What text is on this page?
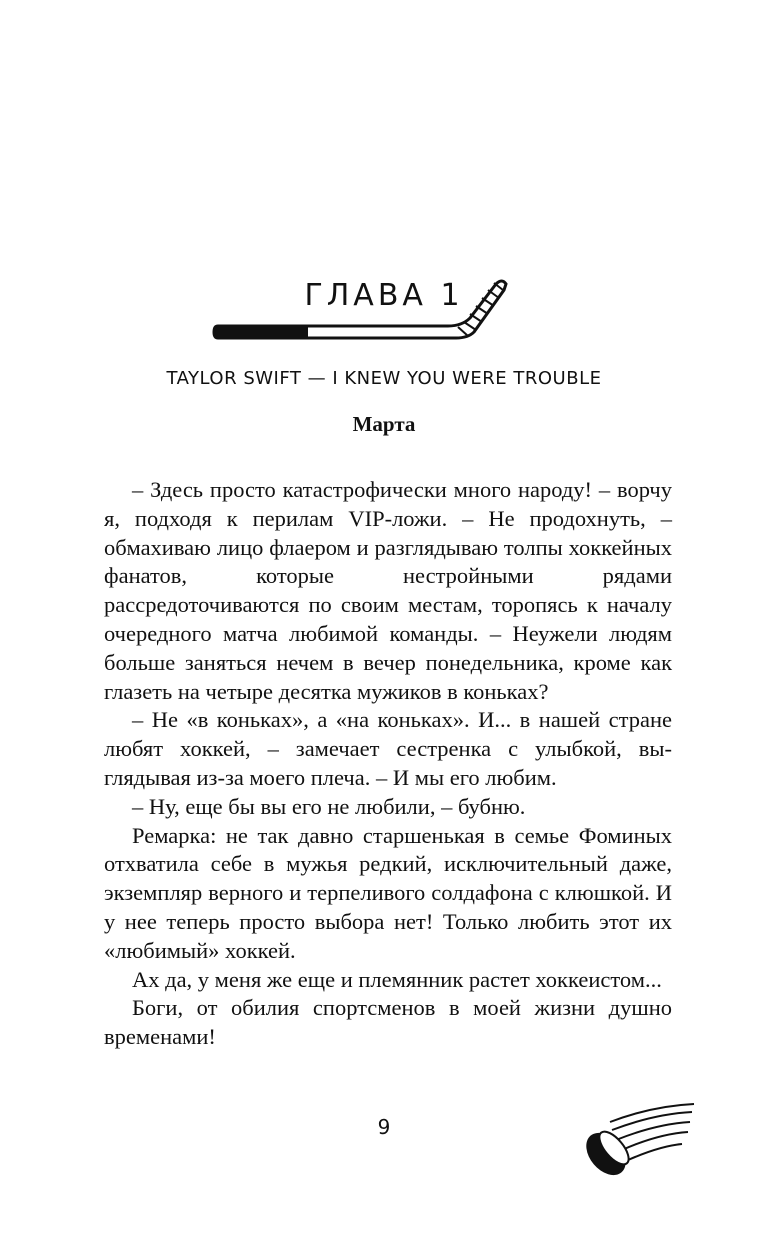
ГЛАВА 1
TAYLOR SWIFT — I KNEW YOU WERE TROUBLE
Марта

– Здесь просто катастрофически много народу! – ворчу я, подходя к перилам VIP-ложи. – Не продохнуть, – обмахиваю лицо флаером и разглядываю толпы хоккейных фанатов, которые нестройными рядами рассредоточиваются по своим местам, торопясь к началу очередного матча любимой команды. – Неужели людям больше заняться нечем в вечер понедельника, кроме как глазеть на четыре десятка мужиков в коньках?

– Не «в коньках», а «на коньках». И... в нашей стране любят хоккей, – замечает сестренка с улыбкой, выглядывая из-за моего плеча. – И мы его любим.

– Ну, еще бы вы его не любили, – бубню.

Ремарка: не так давно старшенькая в семье Фоминых отхватила себе в мужья редкий, исключительный даже, экземпляр верного и терпеливого солдафона с клюшкой. И у нее теперь просто выбора нет! Только любить этот их «любимый» хоккей.

Ах да, у меня же еще и племянник растет хоккеистом...

Боги, от обилия спортсменов в моей жизни душно временами!

9
